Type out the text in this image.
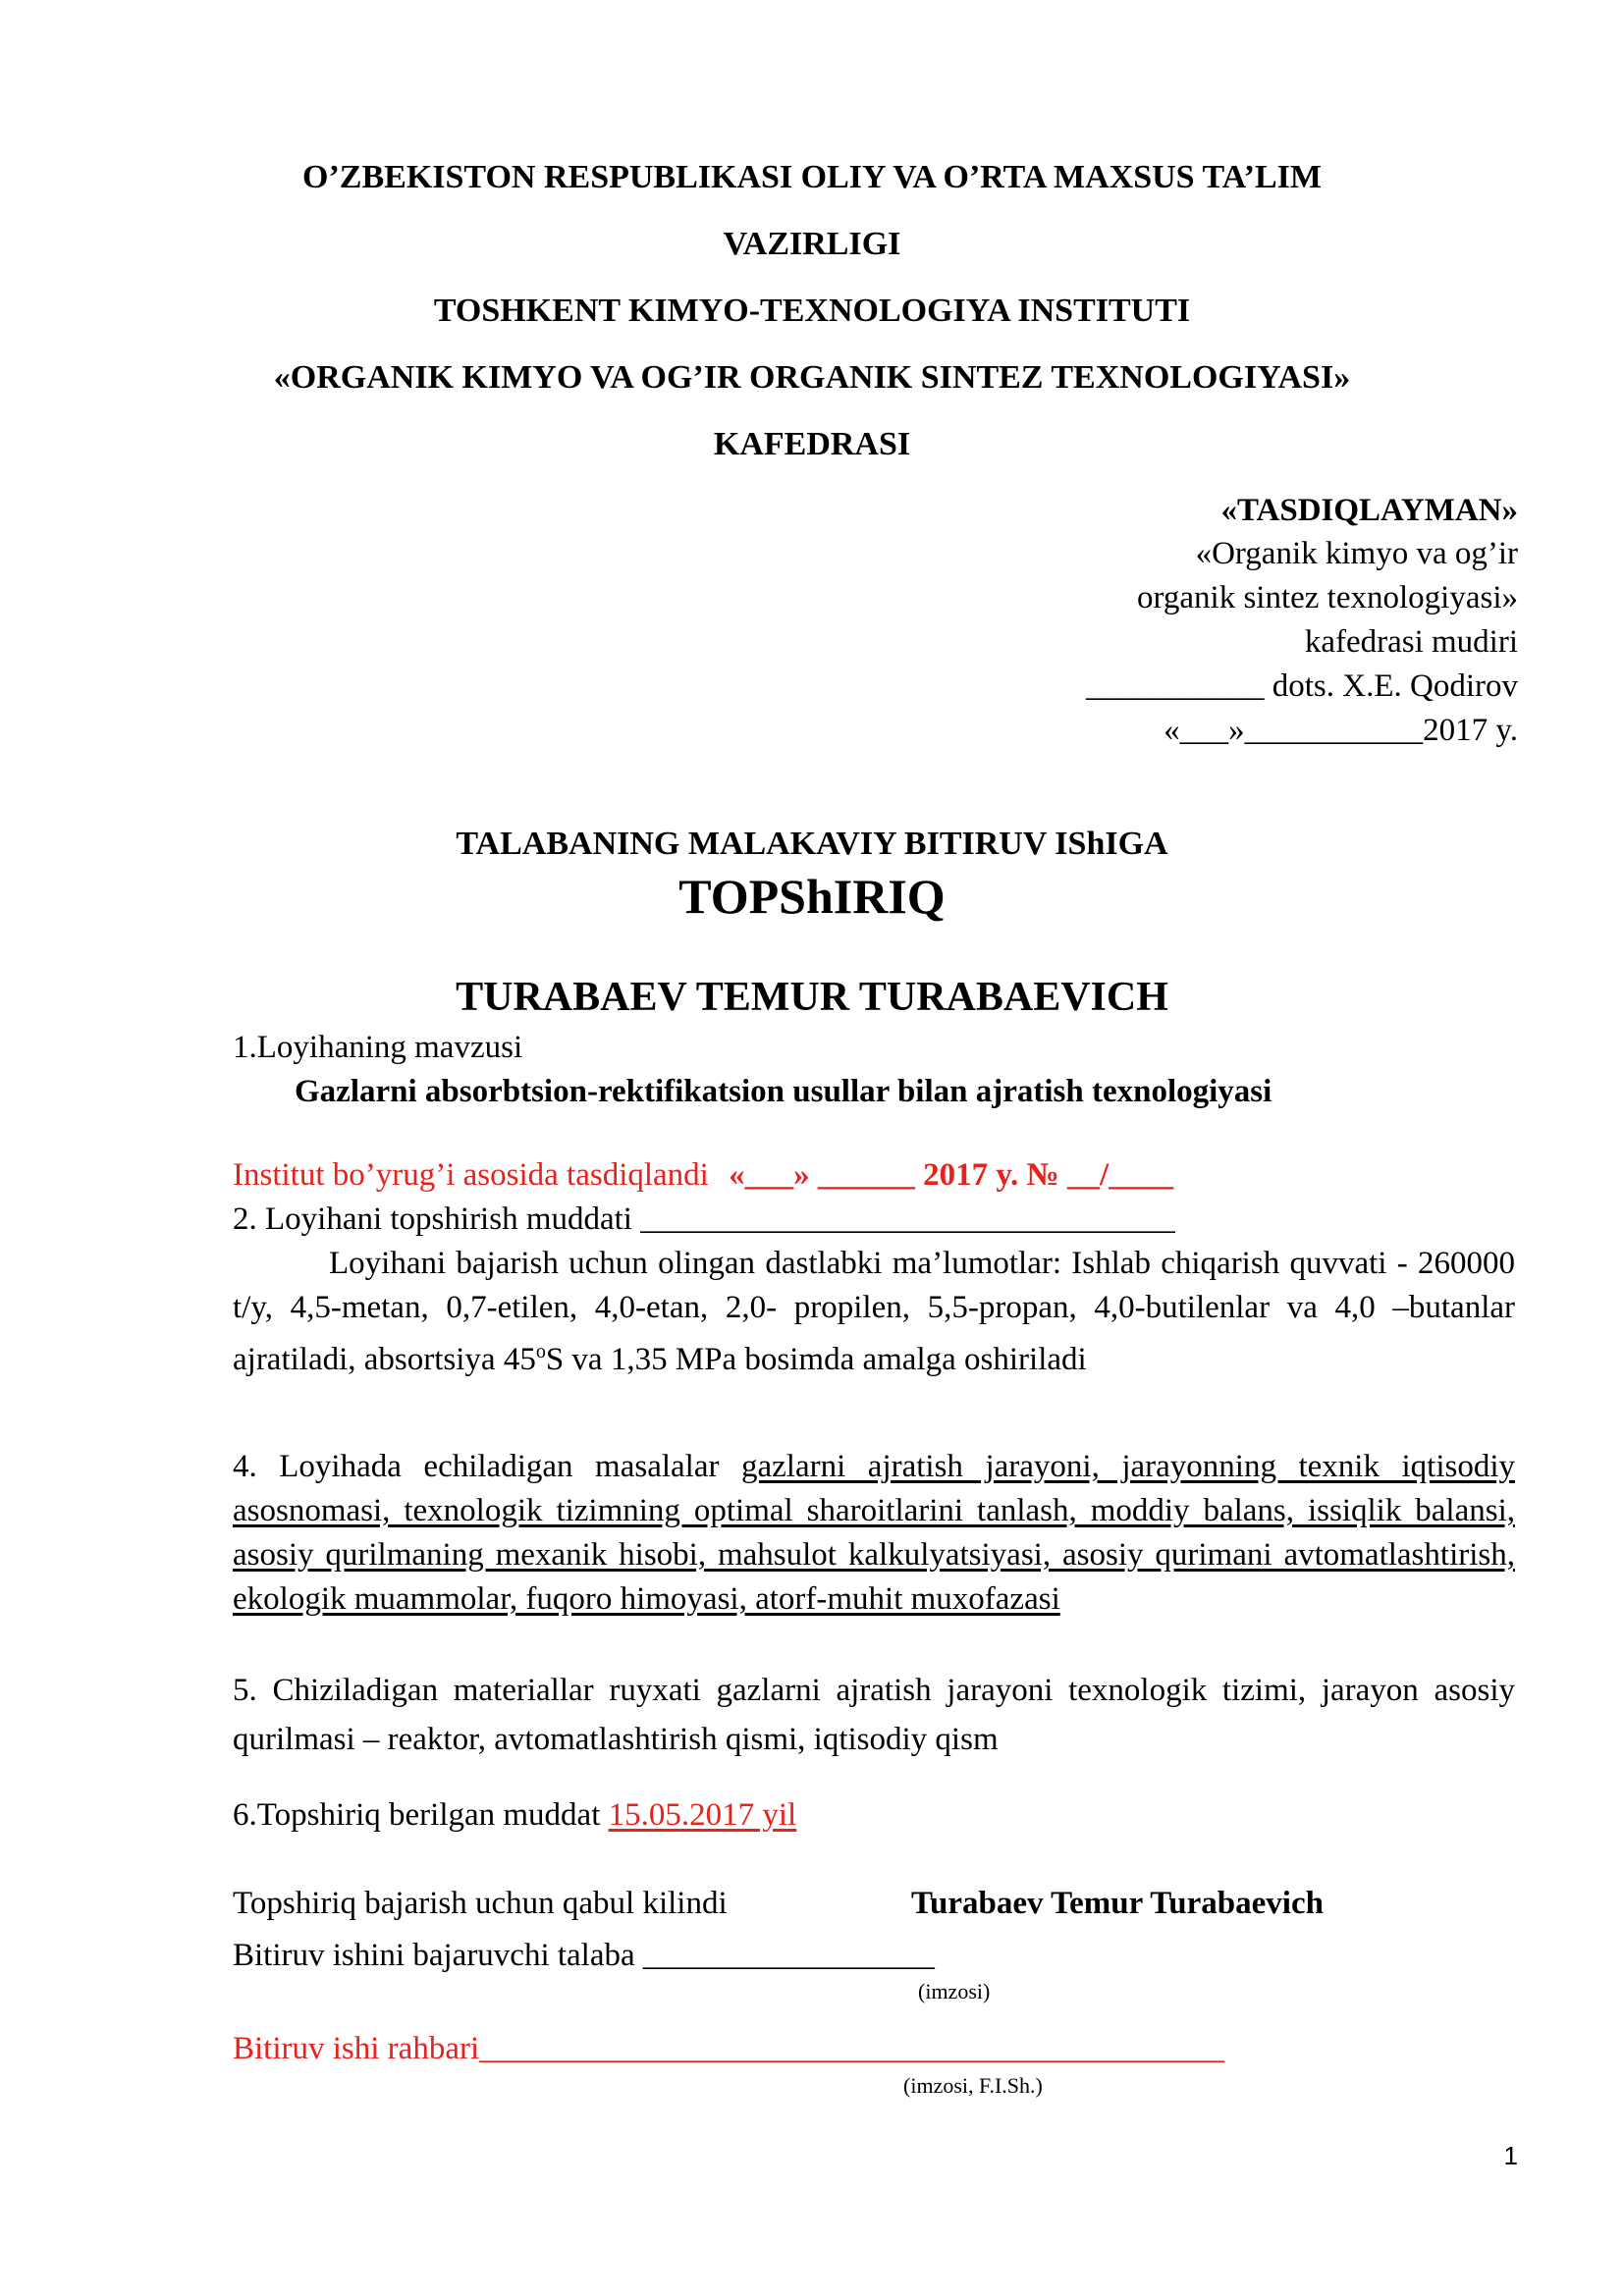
O’ZBEKISTON RESPUBLIKASI OLIY VA O’RTA MAXSUS TA’LIM
VAZIRLIGI
TOSHKENT KIMYO-TEXNOLOGIYA INSTITUTI
«ORGANIK KIMYO VA OG’IR ORGANIK SINTEZ TEXNOLOGIYASI»
KAFEDRASI
«TASDIQLAYMAN»
«Organik kimyo va og’ir
organik sintez texnologiyasi»
kafedrasi mudiri
___________ dots. X.E. Qodirov
«___»___________2017 y.
TALABANING MALAKAVIY BITIRUV IShIGA
TOPShIRIQ
TURABAEV TEMUR TURABAEVICH
1.Loyihaning mavzusi
Gazlarni absorbtsion-rektifikatsion usullar bilan ajratish texnologiyasi
Institut bo’yrug’i asosida tasdiqlandi «___» ______ 2017 y. № __/____
2. Loyihani topshirish muddati _________________________________
Loyihani bajarish uchun olingan dastlabki ma’lumotlar: Ishlab chiqarish quvvati - 260000 t/y, 4,5-metan, 0,7-etilen, 4,0-etan, 2,0- propilen, 5,5-propan, 4,0-butilenlar va 4,0 –butanlar ajratiladi, absortsiya 45$^o$S va 1,35 MPa bosimda amalga oshiriladi
4. Loyihada echiladigan masalalar gazlarni ajratish jarayoni, jarayonning texnik iqtisodiy asosnomasi, texnologik tizimning optimal sharoitlarini tanlash, moddiy balans, issiqlik balansi, asosiy qurilmaning mexanik hisobi, mahsulot kalkulyatsiyasi, asosiy qurimani avtomatlashtirish, ekologik muammolar, fuqoro himoyasi, atorf-muhit muxofazasi
5. Chiziladigan materiallar ruyxati gazlarni ajratish jarayoni texnologik tizimi, jarayon asosiy qurilmasi – reaktor, avtomatlashtirish qismi, iqtisodiy qism
6.Topshiriq berilgan muddat 15.05.2017 yil
Topshiriq bajarish uchun qabul kilindi	Turabaev Temur Turabaevich
Bitiruv ishini bajaruvchi talaba __________________
(imzosi)
Bitiruv ishi rahbari______________________________________________
(imzosi, F.I.Sh.)
1
